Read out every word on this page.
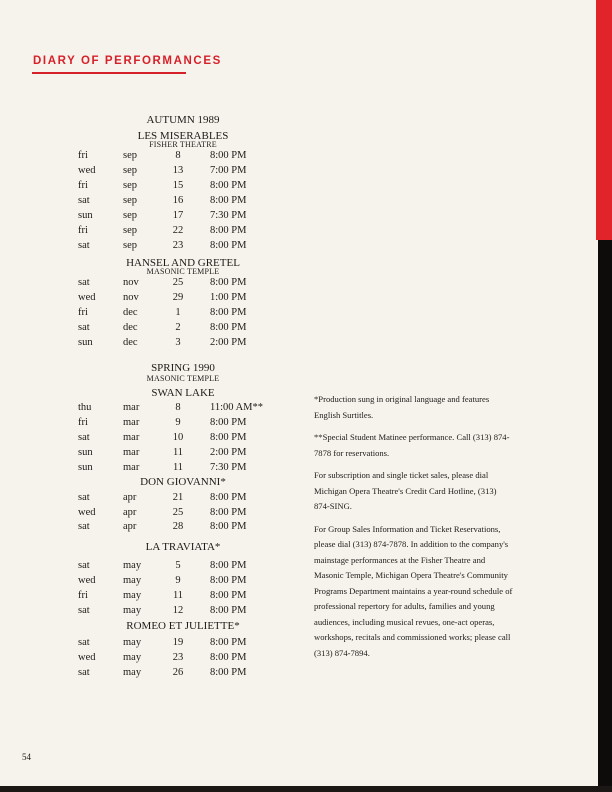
DIARY OF PERFORMANCES
AUTUMN 1989
LES MISERABLES
FISHER THEATRE
fri	sep	8	8:00 PM
wed	sep	13	7:00 PM
fri	sep	15	8:00 PM
sat	sep	16	8:00 PM
sun	sep	17	7:30 PM
fri	sep	22	8:00 PM
sat	sep	23	8:00 PM
HANSEL AND GRETEL
MASONIC TEMPLE
sat	nov	25	8:00 PM
wed	nov	29	1:00 PM
fri	dec	1	8:00 PM
sat	dec	2	8:00 PM
sun	dec	3	2:00 PM
SPRING 1990
MASONIC TEMPLE
SWAN LAKE
thu	mar	8	11:00 AM**
fri	mar	9	8:00 PM
sat	mar	10	8:00 PM
sun	mar	11	2:00 PM
sun	mar	11	7:30 PM
DON GIOVANNI*
sat	apr	21	8:00 PM
wed	apr	25	8:00 PM
sat	apr	28	8:00 PM
LA TRAVIATA*
sat	may	5	8:00 PM
wed	may	9	8:00 PM
fri	may	11	8:00 PM
sat	may	12	8:00 PM
ROMEO ET JULIETTE*
sat	may	19	8:00 PM
wed	may	23	8:00 PM
sat	may	26	8:00 PM

*Production sung in original language and features English Surtitles.

**Special Student Matinee performance. Call (313) 874-7878 for reservations.

For subscription and single ticket sales, please dial Michigan Opera Theatre's Credit Card Hotline, (313) 874-SING.

For Group Sales Information and Ticket Reservations, please dial (313) 874-7878. In addition to the company's mainstage performances at the Fisher Theatre and Masonic Temple, Michigan Opera Theatre's Community Programs Department maintains a year-round schedule of professional repertory for adults, families and young audiences, including musical revues, one-act operas, workshops, recitals and commissioned works; please call (313) 874-7894.

54
